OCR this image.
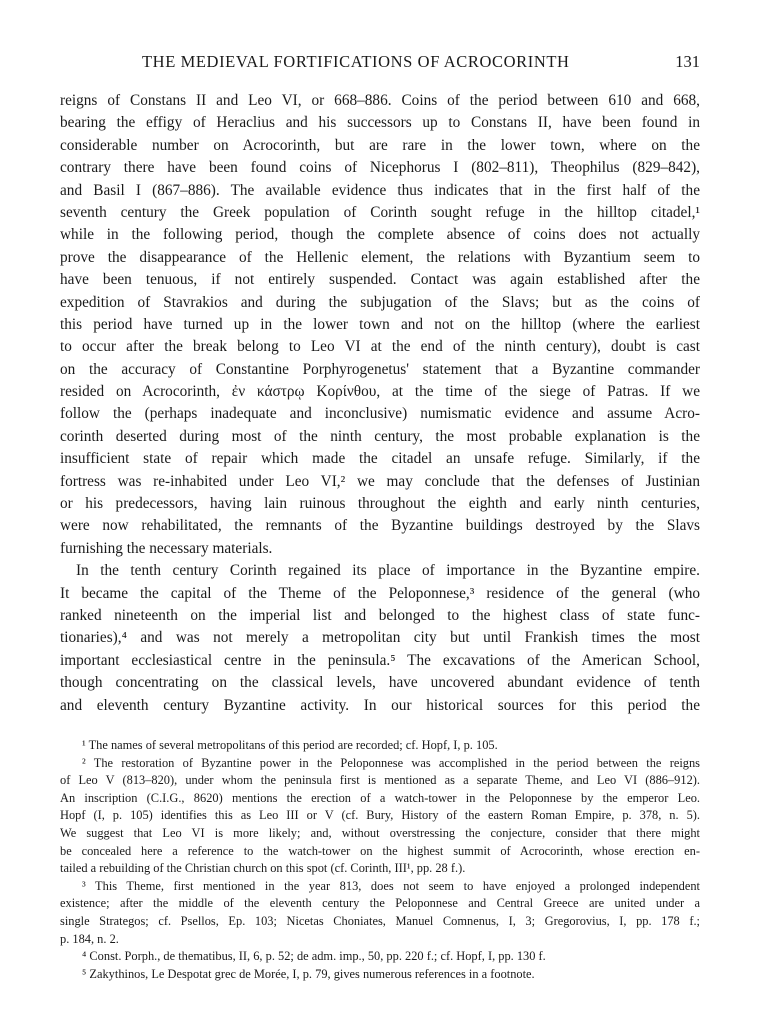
THE MEDIEVAL FORTIFICATIONS OF ACROCORINTH	131
reigns of Constans II and Leo VI, or 668–886. Coins of the period between 610 and 668,
bearing the effigy of Heraclius and his successors up to Constans II, have been found in
considerable number on Acrocorinth, but are rare in the lower town, where on the
contrary there have been found coins of Nicephorus I (802–811), Theophilus (829–842),
and Basil I (867–886). The available evidence thus indicates that in the first half of the
seventh century the Greek population of Corinth sought refuge in the hilltop citadel,¹
while in the following period, though the complete absence of coins does not actually
prove the disappearance of the Hellenic element, the relations with Byzantium seem to
have been tenuous, if not entirely suspended. Contact was again established after the
expedition of Stavrakios and during the subjugation of the Slavs; but as the coins of
this period have turned up in the lower town and not on the hilltop (where the earliest
to occur after the break belong to Leo VI at the end of the ninth century), doubt is cast
on the accuracy of Constantine Porphyrogenetus' statement that a Byzantine commander
resided on Acrocorinth, ἐν κάστρῳ Κορίνθου, at the time of the siege of Patras. If we
follow the (perhaps inadequate and inconclusive) numismatic evidence and assume Acro-
corinth deserted during most of the ninth century, the most probable explanation is the
insufficient state of repair which made the citadel an unsafe refuge. Similarly, if the
fortress was re-inhabited under Leo VI,² we may conclude that the defenses of Justinian
or his predecessors, having lain ruinous throughout the eighth and early ninth centuries,
were now rehabilitated, the remnants of the Byzantine buildings destroyed by the Slavs
furnishing the necessary materials.
In the tenth century Corinth regained its place of importance in the Byzantine empire.
It became the capital of the Theme of the Peloponnese,³ residence of the general (who
ranked nineteenth on the imperial list and belonged to the highest class of state func-
tionaries),⁴ and was not merely a metropolitan city but until Frankish times the most
important ecclesiastical centre in the peninsula.⁵ The excavations of the American School,
though concentrating on the classical levels, have uncovered abundant evidence of tenth
and eleventh century Byzantine activity. In our historical sources for this period the
¹ The names of several metropolitans of this period are recorded; cf. Hopf, I, p. 105.
² The restoration of Byzantine power in the Peloponnese was accomplished in the period between the reigns
of Leo V (813–820), under whom the peninsula first is mentioned as a separate Theme, and Leo VI (886–912).
An inscription (C.I.G., 8620) mentions the erection of a watch-tower in the Peloponnese by the emperor Leo.
Hopf (I, p. 105) identifies this as Leo III or V (cf. Bury, History of the eastern Roman Empire, p. 378, n. 5).
We suggest that Leo VI is more likely; and, without overstressing the conjecture, consider that there might
be concealed here a reference to the watch-tower on the highest summit of Acrocorinth, whose erection en-
tailed a rebuilding of the Christian church on this spot (cf. Corinth, III¹, pp. 28 f.).
³ This Theme, first mentioned in the year 813, does not seem to have enjoyed a prolonged independent
existence; after the middle of the eleventh century the Peloponnese and Central Greece are united under a
single Strategos; cf. Psellos, Ep. 103; Nicetas Choniates, Manuel Comnenus, I, 3; Gregorovius, I, pp. 178 f.;
p. 184, n. 2.
⁴ Const. Porph., de thematibus, II, 6, p. 52; de adm. imp., 50, pp. 220 f.; cf. Hopf, I, pp. 130 f.
⁵ Zakythinos, Le Despotat grec de Morée, I, p. 79, gives numerous references in a footnote.
